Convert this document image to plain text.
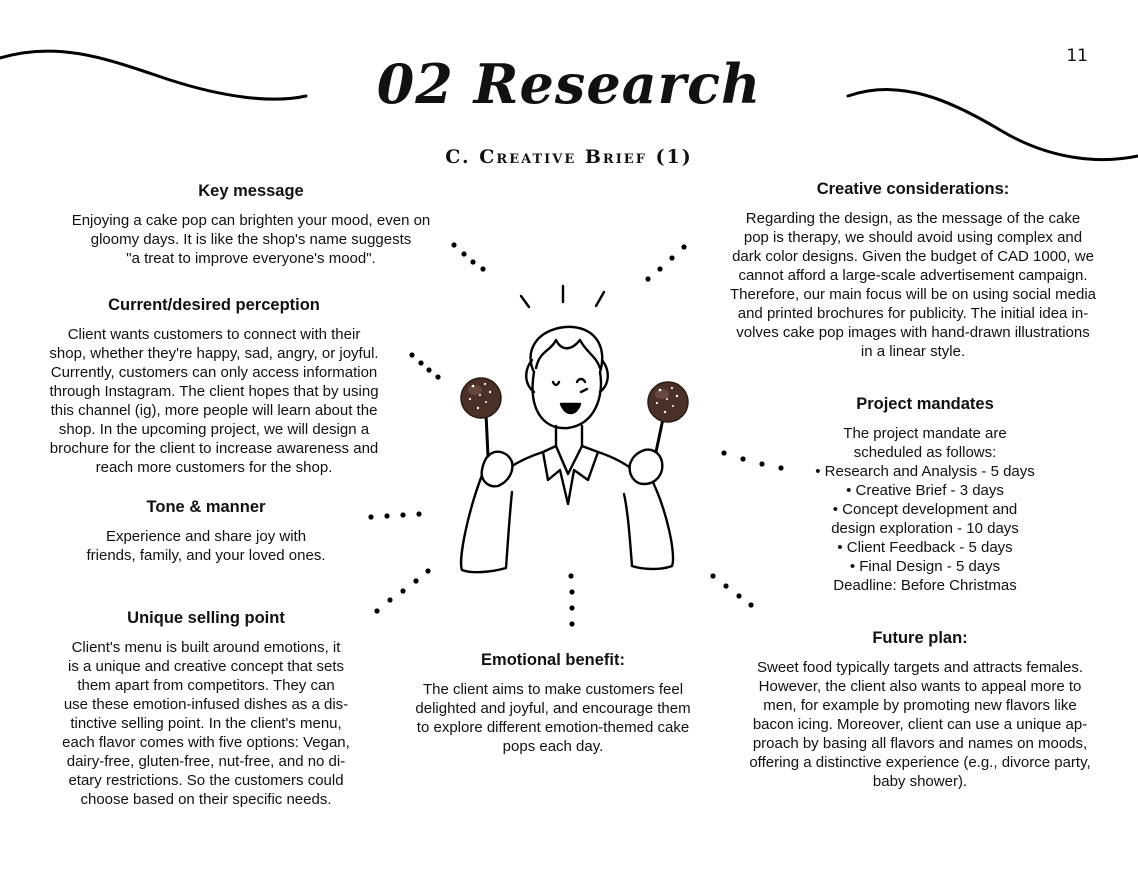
11
02 Research
C. Creative Brief (1)
Key message

Enjoying a cake pop can brighten your mood, even on
gloomy days. It is like the shop's name suggests
"a treat to improve everyone's mood".

Current/desired perception

Client wants customers to connect with their
shop, whether they're happy, sad, angry, or joyful.
Currently, customers can only access information
through Instagram. The client hopes that by using
this channel (ig), more people will learn about the
shop. In the upcoming project, we will design a
brochure for the client to increase awareness and
reach more customers for the shop.

Tone & manner

Experience and share joy with
friends, family, and your loved ones.

Unique selling point

Client's menu is built around emotions, it
is a unique and creative concept that sets
them apart from competitors. They can
use these emotion-infused dishes as a dis-
tinctive selling point. In the client's menu,
each flavor comes with five options: Vegan,
dairy-free, gluten-free, nut-free, and no di-
etary restrictions. So the customers could
choose based on their specific needs.

Emotional benefit:

The client aims to make customers feel
delighted and joyful, and encourage them
to explore different emotion-themed cake
pops each day.

Creative considerations:

Regarding the design, as the message of the cake
pop is therapy, we should avoid using complex and
dark color designs. Given the budget of CAD 1000, we
cannot afford a large-scale advertisement campaign.
Therefore, our main focus will be on using social media
and printed brochures for publicity. The initial idea in-
volves cake pop images with hand-drawn illustrations
in a linear style.

Project mandates

The project mandate are
scheduled as follows:
• Research and Analysis - 5 days
• Creative Brief - 3 days
• Concept development and
design exploration - 10 days
• Client Feedback - 5 days
• Final Design - 5 days
Deadline: Before Christmas

Future plan:

Sweet food typically targets and attracts females.
However, the client also wants to appeal more to
men, for example by promoting new flavors like
bacon icing. Moreover, client can use a unique ap-
proach by basing all flavors and names on moods,
offering a distinctive experience (e.g., divorce party,
baby shower).
